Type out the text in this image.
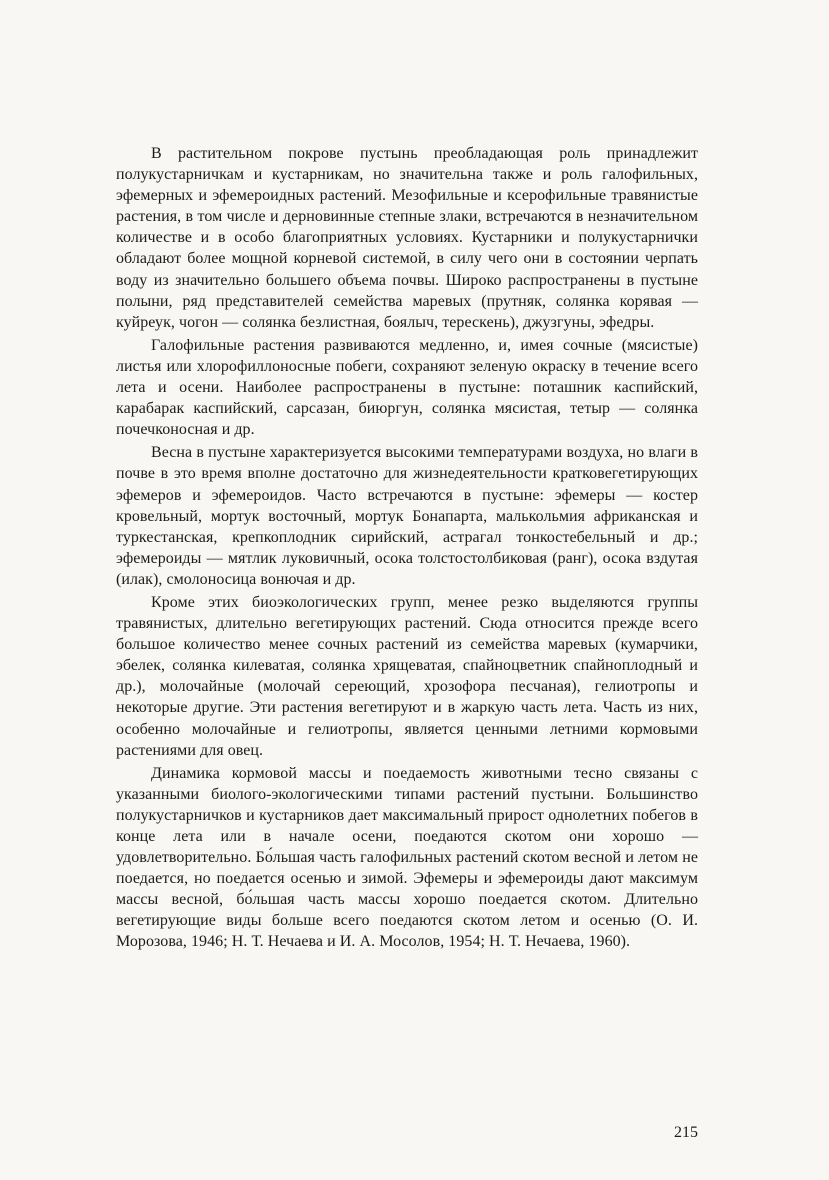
В растительном покрове пустынь преобладающая роль принадлежит полукустарничкам и кустарникам, но значительна также и роль галофильных, эфемерных и эфемероидных растений. Мезофильные и ксерофильные травянистые растения, в том числе и дерновинные степные злаки, встречаются в незначительном количестве и в особо благоприятных условиях. Кустарники и полукустарнички обладают более мощной корневой системой, в силу чего они в состоянии черпать воду из значительно большего объема почвы. Широко распространены в пустыне полыни, ряд представителей семейства маревых (прутняк, солянка корявая — куйреук, чогон — солянка безлистная, боялыч, терескень), джузгуны, эфедры.

Галофильные растения развиваются медленно, и, имея сочные (мясистые) листья или хлорофиллоносные побеги, сохраняют зеленую окраску в течение всего лета и осени. Наиболее распространены в пустыне: поташник каспийский, карабарак каспийский, сарсазан, биюргун, солянка мясистая, тетыр — солянка почечконосная и др.

Весна в пустыне характеризуется высокими температурами воздуха, но влаги в почве в это время вполне достаточно для жизнедеятельности кратковегетирующих эфемеров и эфемероидов. Часто встречаются в пустыне: эфемеры — костер кровельный, мортук восточный, мортук Бонапарта, малькольмия африканская и туркестанская, крепкоплодник сирийский, астрагал тонкостебельный и др.; эфемероиды — мятлик луковичный, осока толстостолбиковая (ранг), осока вздутая (илак), смолоносица вонючая и др.

Кроме этих биоэкологических групп, менее резко выделяются группы травянистых, длительно вегетирующих растений. Сюда относится прежде всего большое количество менее сочных растений из семейства маревых (кумарчики, эбелек, солянка килеватая, солянка хрящеватая, спайноцветник спайноплодный и др.), молочайные (молочай сереющий, хрозофора песчаная), гелиотропы и некоторые другие. Эти растения вегетируют и в жаркую часть лета. Часть из них, особенно молочайные и гелиотропы, является ценными летними кормовыми растениями для овец.

Динамика кормовой массы и поедаемость животными тесно связаны с указанными биолого-экологическими типами растений пустыни. Большинство полукустарничков и кустарников дает максимальный прирост однолетних побегов в конце лета или в начале осени, поедаются скотом они хорошо — удовлетворительно. Бо́льшая часть галофильных растений скотом весной и летом не поедается, но поедается осенью и зимой. Эфемеры и эфемероиды дают максимум массы весной, бо́льшая часть массы хорошо поедается скотом. Длительно вегетирующие виды больше всего поедаются скотом летом и осенью (О. И. Морозова, 1946; Н. Т. Нечаева и И. А. Мосолов, 1954; Н. Т. Нечаева, 1960).

215
